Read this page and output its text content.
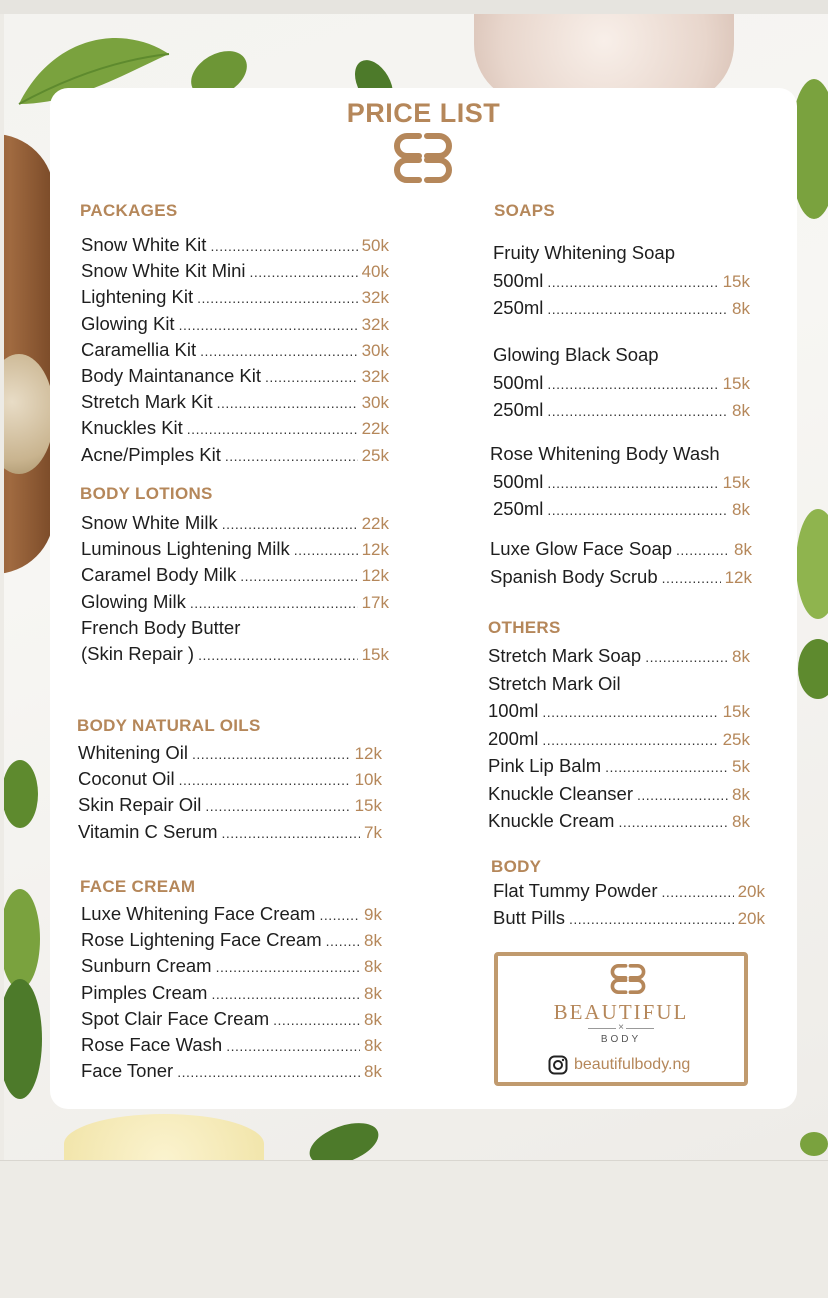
PRICE LIST
PACKAGES
Snow White Kit .....	50k
Snow White Kit Mini .....	40k
Lightening Kit .....	32k
Glowing Kit .....	32k
Caramellia Kit .....	30k
Body Maintanance Kit .....	32k
Stretch Mark Kit .....	30k
Knuckles Kit .....	22k
Acne/Pimples Kit .....	25k
BODY LOTIONS
Snow White Milk .....	22k
Luminous Lightening Milk .....	12k
Caramel Body Milk .....	12k
Glowing Milk .....	17k
French Body Butter
(Skin Repair ) .....	15k
BODY NATURAL OILS
Whitening Oil .....	12k
Coconut Oil .....	10k
Skin Repair Oil .....	15k
Vitamin C Serum .....	7k
FACE CREAM
Luxe Whitening Face Cream .....	9k
Rose Lightening Face Cream ..... 8k
Sunburn Cream .....	8k
Pimples Cream .....	8k
Spot Clair Face Cream .....	8k
Rose Face Wash .....	8k
Face Toner .....	8k
SOAPS
Fruity Whitening Soap
500ml .....	15k
250ml .....	8k
Glowing Black Soap
500ml .....	15k
250ml .....	8k
Rose Whitening Body Wash
500ml .....	15k
250ml .....	8k
Luxe Glow Face Soap .....	8k
Spanish Body Scrub .....	12k
OTHERS
Stretch Mark Soap .....	8k
Stretch Mark Oil
100ml .....	15k
200ml .....	25k
Pink Lip Balm .....	5k
Knuckle Cleanser .....	8k
Knuckle Cream .....	8k
BODY
Flat Tummy Powder .....	20k
Butt Pills .....	20k
BEAUTIFUL
×
BODY
beautifulbody.ng
